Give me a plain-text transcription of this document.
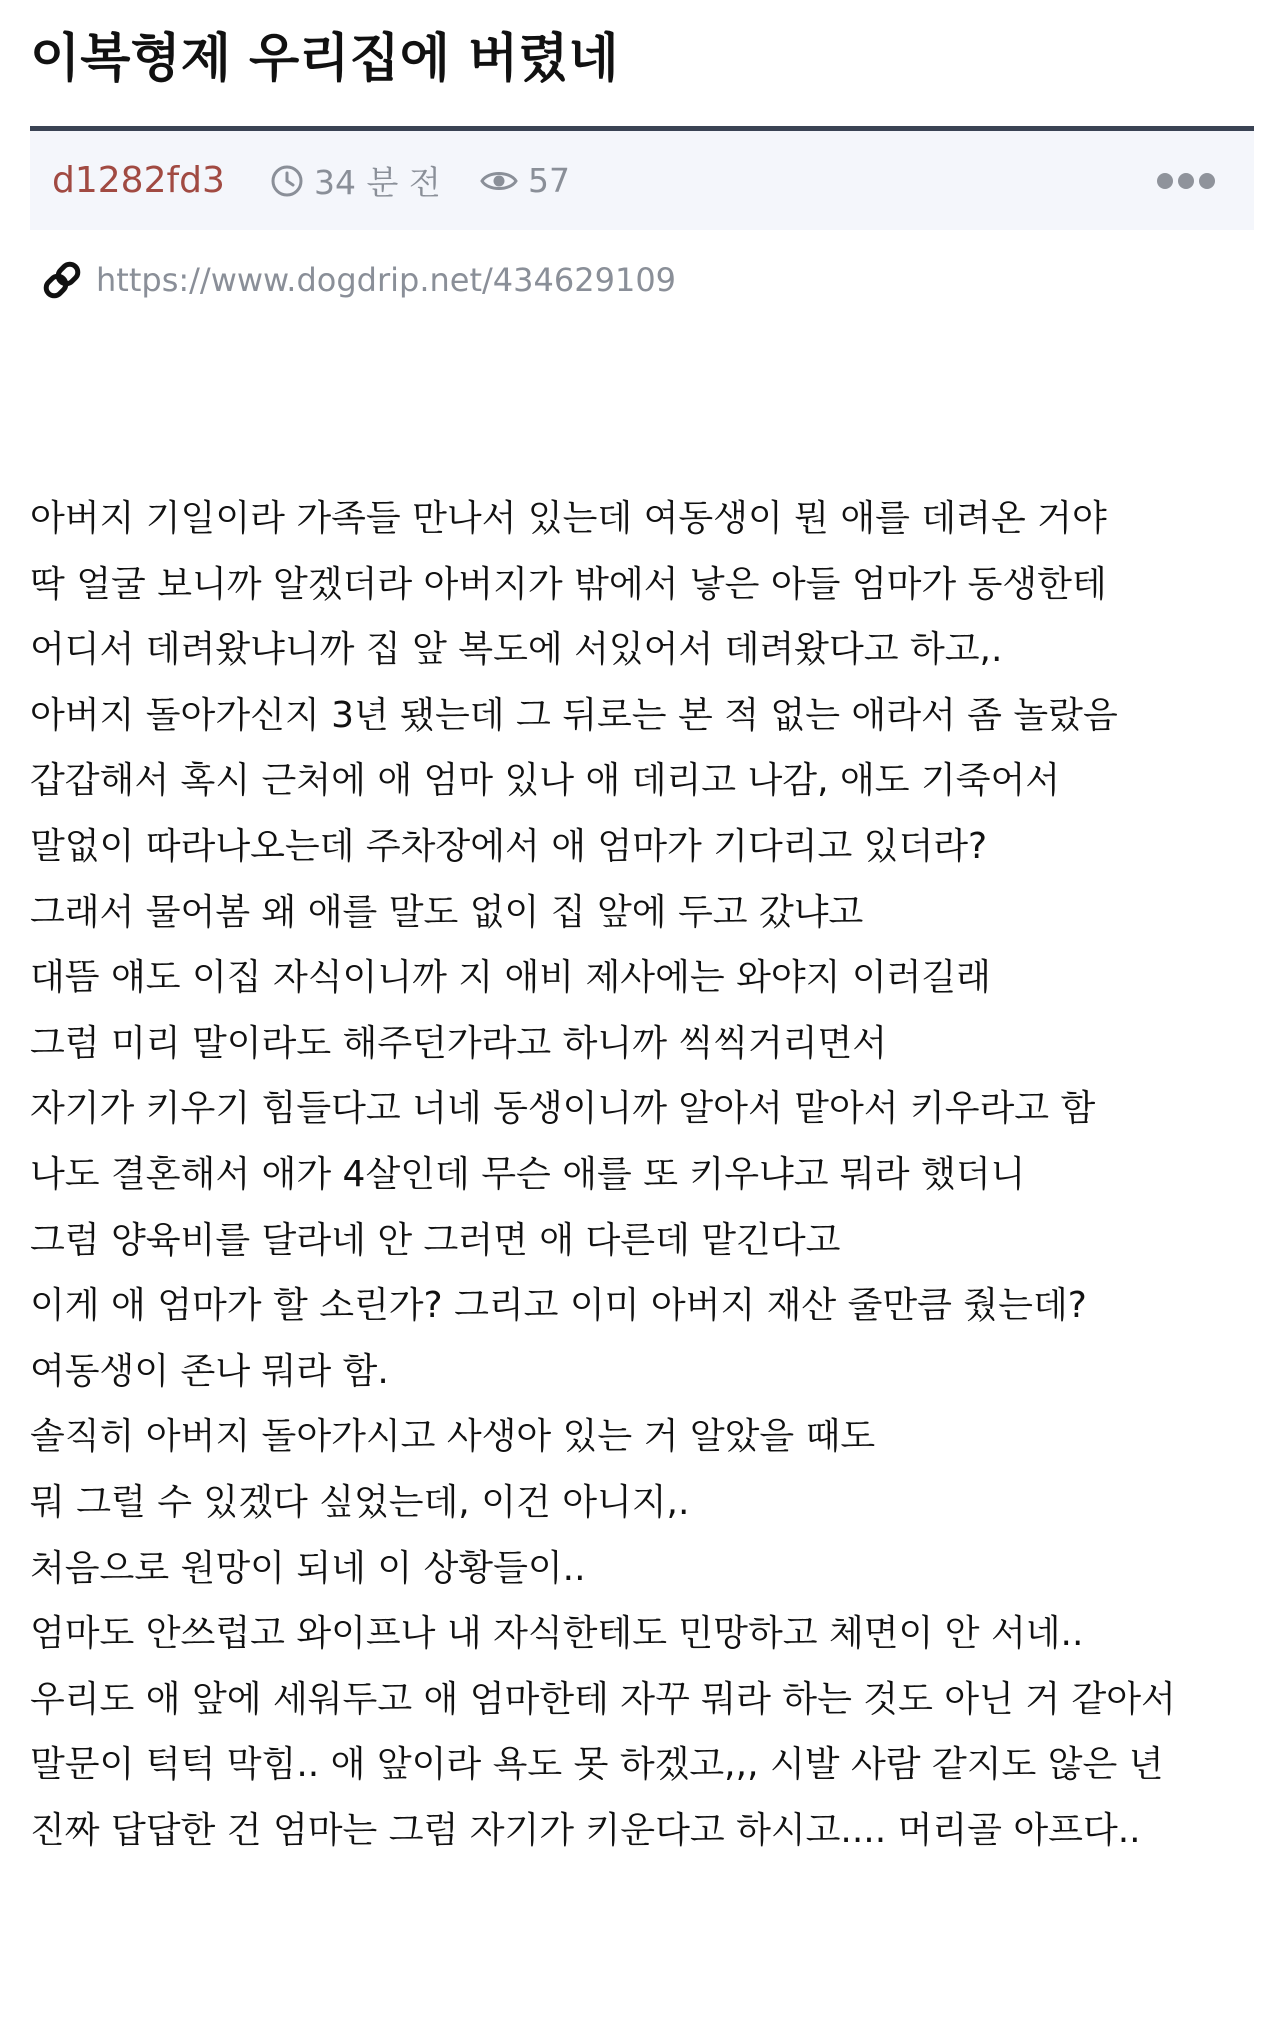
이복형제 우리집에 버렸네
d1282fd3	34 분 전	57
https://www.dogdrip.net/434629109
아버지 기일이라 가족들 만나서 있는데 여동생이 뭔 애를 데려온 거야
딱 얼굴 보니까 알겠더라 아버지가 밖에서 낳은 아들 엄마가 동생한테
어디서 데려왔냐니까 집 앞 복도에 서있어서 데려왔다고 하고,.
아버지 돌아가신지 3년 됐는데 그 뒤로는 본 적 없는 애라서 좀 놀랐음
갑갑해서 혹시 근처에 애 엄마 있나 애 데리고 나감, 애도 기죽어서
말없이 따라나오는데 주차장에서 애 엄마가 기다리고 있더라?
그래서 물어봄 왜 애를 말도 없이 집 앞에 두고 갔냐고
대뜸 얘도 이집 자식이니까 지 애비 제사에는 와야지 이러길래
그럼 미리 말이라도 해주던가라고 하니까 씩씩거리면서
자기가 키우기 힘들다고 너네 동생이니까 알아서 맡아서 키우라고 함
나도 결혼해서 애가 4살인데 무슨 애를 또 키우냐고 뭐라 했더니
그럼 양육비를 달라네 안 그러면 애 다른데 맡긴다고
이게 애 엄마가 할 소린가? 그리고 이미 아버지 재산 줄만큼 줬는데?
여동생이 존나 뭐라 함.
솔직히 아버지 돌아가시고 사생아 있는 거 알았을 때도
뭐 그럴 수 있겠다 싶었는데, 이건 아니지,.
처음으로 원망이 되네 이 상황들이..
엄마도 안쓰럽고 와이프나 내 자식한테도 민망하고 체면이 안 서네..
우리도 애 앞에 세워두고 애 엄마한테 자꾸 뭐라 하는 것도 아닌 거 같아서
말문이 턱턱 막힘.. 애 앞이라 욕도 못 하겠고,,, 시발 사람 같지도 않은 년
진짜 답답한 건 엄마는 그럼 자기가 키운다고 하시고.... 머리골 아프다..
